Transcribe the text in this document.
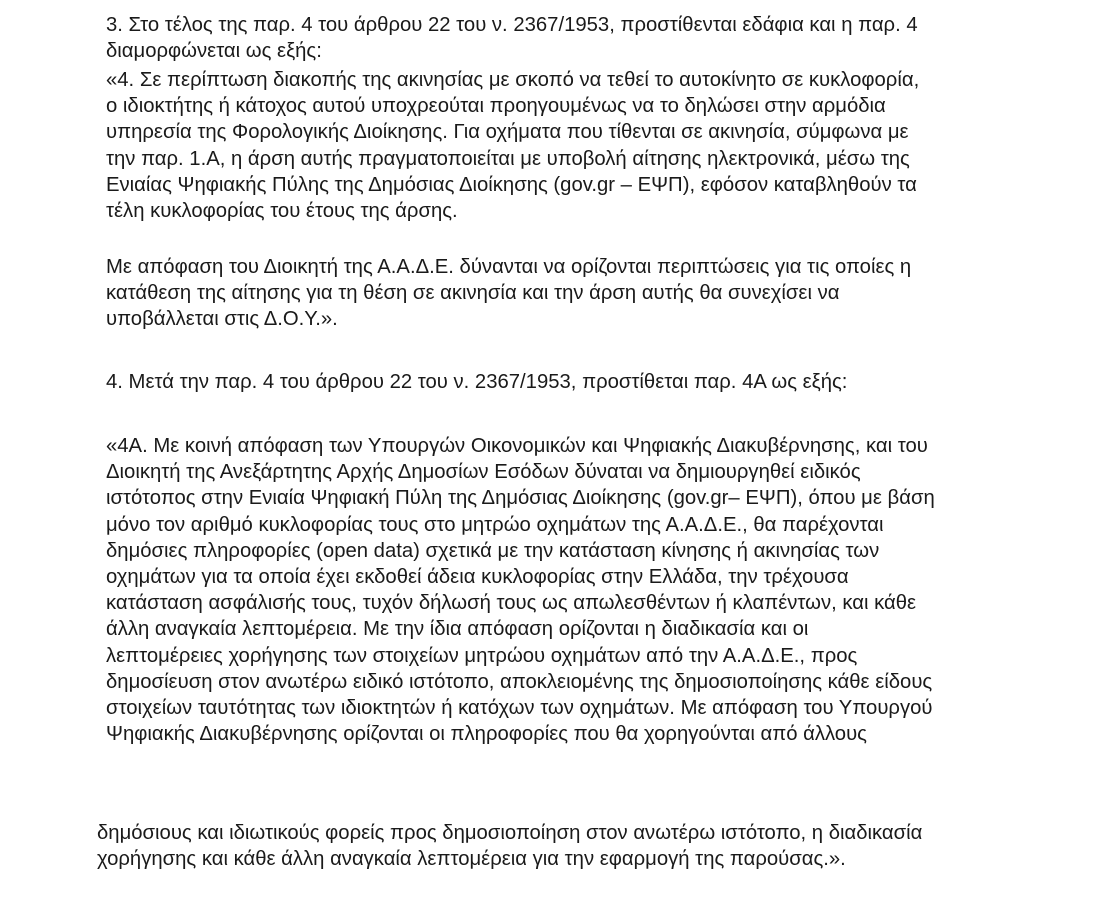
3. Στο τέλος της παρ. 4 του άρθρου 22 του ν. 2367/1953, προστίθενται εδάφια και η παρ. 4
διαμορφώνεται ως εξής:

«4. Σε περίπτωση διακοπής της ακινησίας με σκοπό να τεθεί το αυτοκίνητο σε κυκλοφορία,
ο ιδιοκτήτης ή κάτοχος αυτού υποχρεούται προηγουμένως να το δηλώσει στην αρμόδια
υπηρεσία της Φορολογικής Διοίκησης. Για οχήματα που τίθενται σε ακινησία, σύμφωνα με
την παρ. 1.Α, η άρση αυτής πραγματοποιείται με υποβολή αίτησης ηλεκτρονικά, μέσω της
Ενιαίας Ψηφιακής Πύλης της Δημόσιας Διοίκησης (gov.gr – ΕΨΠ), εφόσον καταβληθούν τα
τέλη κυκλοφορίας του έτους της άρσης.

Με απόφαση του Διοικητή της Α.Α.Δ.Ε. δύνανται να ορίζονται περιπτώσεις για τις οποίες η
κατάθεση της αίτησης για τη θέση σε ακινησία και την άρση αυτής θα συνεχίσει να
υποβάλλεται στις Δ.Ο.Υ.».

4. Μετά την παρ. 4 του άρθρου 22 του ν. 2367/1953, προστίθεται παρ. 4Α ως εξής:

«4Α. Με κοινή απόφαση των Υπουργών Οικονομικών και Ψηφιακής Διακυβέρνησης, και του
Διοικητή της Ανεξάρτητης Αρχής Δημοσίων Εσόδων δύναται να δημιουργηθεί ειδικός
ιστότοπος στην Ενιαία Ψηφιακή Πύλη της Δημόσιας Διοίκησης (gov.gr– ΕΨΠ), όπου με βάση
μόνο τον αριθμό κυκλοφορίας τους στο μητρώο οχημάτων της Α.Α.Δ.Ε., θα παρέχονται
δημόσιες πληροφορίες (open data) σχετικά με την κατάσταση κίνησης ή ακινησίας των
οχημάτων για τα οποία έχει εκδοθεί άδεια κυκλοφορίας στην Ελλάδα, την τρέχουσα
κατάσταση ασφάλισής τους, τυχόν δήλωσή τους ως απωλεσθέντων ή κλαπέντων, και κάθε
άλλη αναγκαία λεπτομέρεια. Με την ίδια απόφαση ορίζονται η διαδικασία και οι
λεπτομέρειες χορήγησης των στοιχείων μητρώου οχημάτων από την Α.Α.Δ.Ε., προς
δημοσίευση στον ανωτέρω ειδικό ιστότοπο, αποκλειομένης της δημοσιοποίησης κάθε είδους
στοιχείων ταυτότητας των ιδιοκτητών ή κατόχων των οχημάτων. Με απόφαση του Υπουργού
Ψηφιακής Διακυβέρνησης ορίζονται οι πληροφορίες που θα χορηγούνται από άλλους

δημόσιους και ιδιωτικούς φορείς προς δημοσιοποίηση στον ανωτέρω ιστότοπο, η διαδικασία
χορήγησης και κάθε άλλη αναγκαία λεπτομέρεια για την εφαρμογή της παρούσας.».
